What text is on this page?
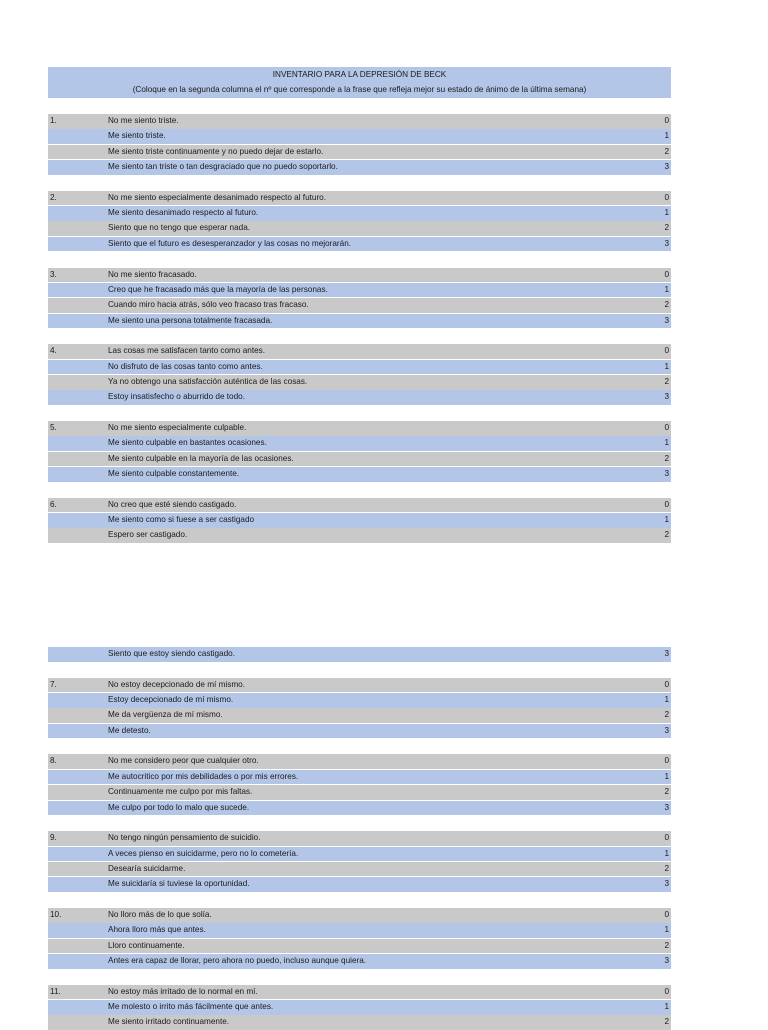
INVENTARIO PARA LA DEPRESIÓN DE BECK
(Coloque en la segunda columna el nº que corresponde a la frase que refleja mejor su estado de ánimo de la última semana)
1.	No me siento triste.	0
Me siento triste.	1
Me siento triste continuamente y no puedo dejar de estarlo.	2
Me siento tan triste o tan desgraciado que no puedo soportarlo.	3
2.	No me siento especialmente desanimado respecto al futuro.	0
Me siento desanimado respecto al futuro.	1
Siento que no tengo que esperar nada.	2
Siento que el futuro es desesperanzador y las cosas no mejorarán.	3
3.	No me siento fracasado.	0
Creo que he fracasado más que la mayoría de las personas.	1
Cuando miro hacia atrás, sólo veo fracaso tras fracaso.	2
Me siento una persona totalmente fracasada.	3
4.	Las cosas me satisfacen tanto como antes.	0
No disfruto de las cosas tanto como antes.	1
Ya no obtengo una satisfacción auténtica de las cosas.	2
Estoy insatisfecho o aburrido de todo.	3
5.	No me siento especialmente culpable.	0
Me siento culpable en bastantes ocasiones.	1
Me siento culpable en la mayoría de las ocasiones.	2
Me siento culpable constantemente.	3
6.	No creo que esté siendo castigado.	0
Me siento como si fuese a ser castigado	1
Espero ser castigado.	2
Siento que estoy siendo castigado.	3
7.	No estoy decepcionado de mí mismo.	0
Estoy decepcionado de mí mismo.	1
Me da vergüenza de mí mismo.	2
Me detesto.	3
8.	No me considero peor que cualquier otro.	0
Me autocritico por mis debilidades o por mis errores.	1
Continuamente me culpo por mis faltas.	2
Me culpo por todo lo malo que sucede.	3
9.	No tengo ningún pensamiento de suicidio.	0
A veces pienso en suicidarme, pero no lo cometería.	1
Desearía suicidarme.	2
Me suicidaría si tuviese la oportunidad.	3
10.	No lloro más de lo que solía.	0
Ahora lloro más que antes.	1
Lloro continuamente.	2
Antes era capaz de llorar, pero ahora no puedo, incluso aunque quiera.	3
11.	No estoy más irritado de lo normal en mí.	0
Me molesto o irrito más fácilmente que antes.	1
Me siento irritado continuamente.	2
